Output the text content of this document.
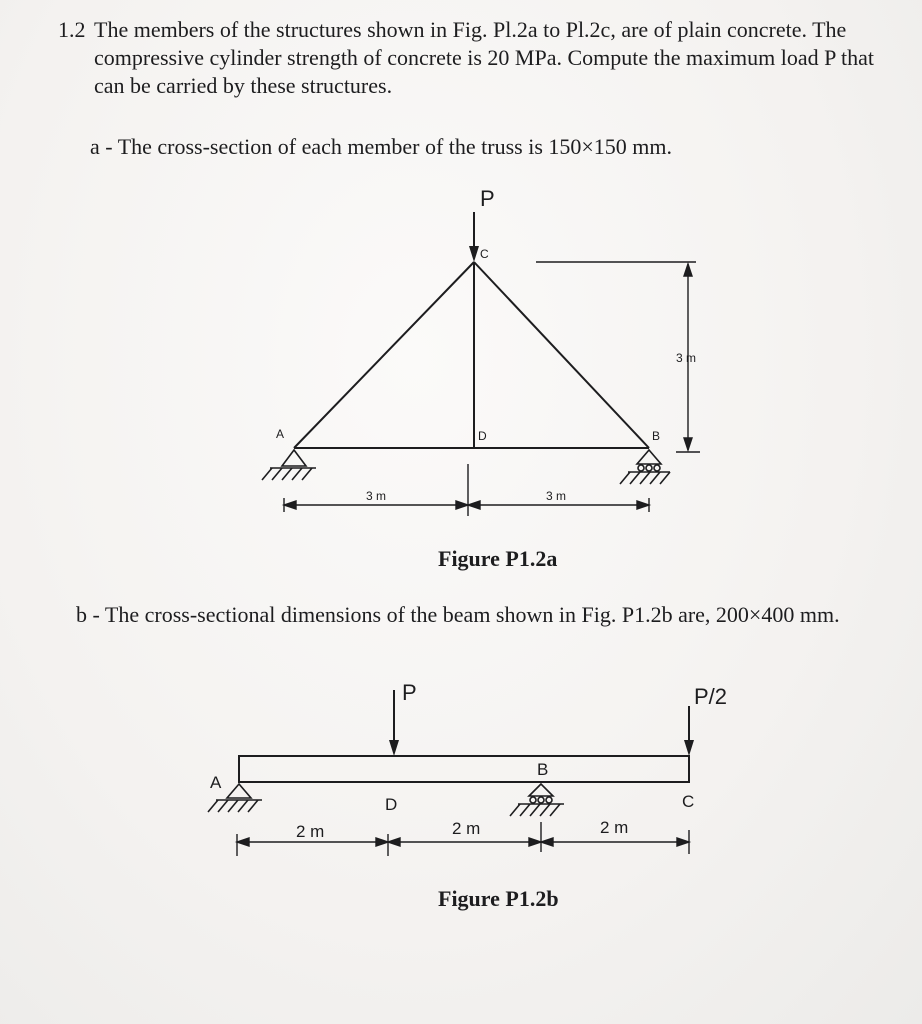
1.2 The members of the structures shown in Fig. Pl.2a to Pl.2c, are of plain concrete. The compressive cylinder strength of concrete is 20 MPa. Compute the maximum load P that can be carried by these structures.
a - The cross-section of each member of the truss is 150×150 mm.
P
C
A	D	B
3 m
3 m	3 m
Figure P1.2a
b - The cross-sectional dimensions of the beam shown in Fig. P1.2b are, 200×400 mm.
P	P/2
A
B
C
D
2 m	2 m	2 m
Figure P1.2b
